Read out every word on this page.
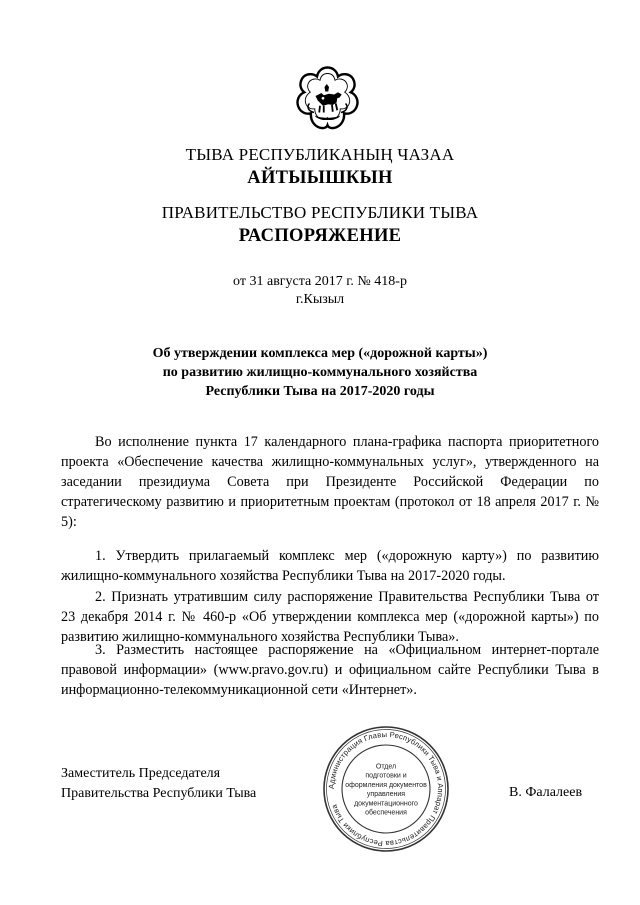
ТЫВА РЕСПУБЛИКАНЫҢ ЧАЗАА
АЙТЫЫШКЫН
ПРАВИТЕЛЬСТВО РЕСПУБЛИКИ ТЫВА
РАСПОРЯЖЕНИЕ
от 31 августа 2017 г. № 418-р
г.Кызыл
Об утверждении комплекса мер («дорожной карты»)
по развитию жилищно-коммунального хозяйства
Республики Тыва на 2017-2020 годы

Во исполнение пункта 17 календарного плана-графика паспорта приоритетного проекта «Обеспечение качества жилищно-коммунальных услуг», утвержденного на заседании президиума Совета при Президенте Российской Федерации по стратегическому развитию и приоритетным проектам (протокол от 18 апреля 2017 г. № 5):

1. Утвердить прилагаемый комплекс мер («дорожную карту») по развитию жилищно-коммунального хозяйства Республики Тыва на 2017-2020 годы.

2. Признать утратившим силу распоряжение Правительства Республики Тыва от 23 декабря 2014 г. № 460-р «Об утверждении комплекса мер («дорожной карты») по развитию жилищно-коммунального хозяйства Республики Тыва».

3. Разместить настоящее распоряжение на «Официальном интернет-портале правовой информации» (www.pravo.gov.ru) и официальном сайте Республики Тыва в информационно-телекоммуникационной сети «Интернет».

Заместитель Председателя
Правительства Республики Тыва	Администрация Главы Республики Тыва и Аппарат Правительства Республики Тыва
Отдел
подготовки и
оформления документов
управления
документационного
обеспечения
В. Фалалеев
